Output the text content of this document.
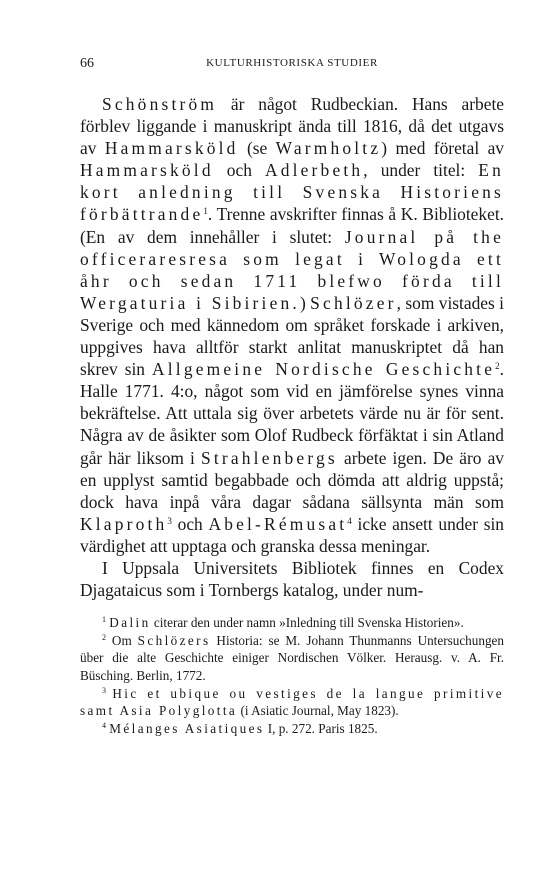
66	KULTURHISTORISKA STUDIER

Schönström är något Rudbeckian. Hans arbete förblev liggande i manuskript ända till 1816, då det utgavs av Hammarsköld (se Warmholtz) med företal av Hammarsköld och Adlerbeth, under titel: En kort anledning till Svenska Historiens förbättrande$^1$. Trenne avskrifter finnas å K. Biblioteket. (En av dem innehåller i slutet: Journal på the officeraresresa som legat i Wologda ett åhr och sedan 1711 blefwo förda till Wergaturia i Sibirien.) Schlözer, som vistades i Sverige och med kännedom om språket forskade i arkiven, uppgives hava alltför starkt anlitat manuskriptet då han skrev sin Allgemeine Nordische Geschichte$^2$. Halle 1771. 4:o, något som vid en jämförelse synes vinna bekräftelse. Att uttala sig över arbetets värde nu är för sent. Några av de åsikter som Olof Rudbeck förfäktat i sin Atland går här liksom i Strahlenbergs arbete igen. De äro av en upplyst samtid begabbade och dömda att aldrig uppstå; dock hava inpå våra dagar sådana sällsynta män som Klaproth$^3$ och Abel-Rémusat$^4$ icke ansett under sin värdighet att upptaga och granska dessa meningar.

I Uppsala Universitets Bibliotek finnes en Codex Djagataicus som i Tornbergs katalog, under num-

$^1$ Dalin citerar den under namn »Inledning till Svenska Historien».

$^2$ Om Schlözers Historia: se M. Johann Thunmanns Untersuchungen über die alte Geschichte einiger Nordischen Völker. Herausg. v. A. Fr. Büsching. Berlin, 1772.

$^3$ Hic et ubique ou vestiges de la langue primitive samt Asia Polyglotta (i Asiatic Journal, May 1823).

$^4$ Mélanges Asiatiques I, p. 272. Paris 1825.
